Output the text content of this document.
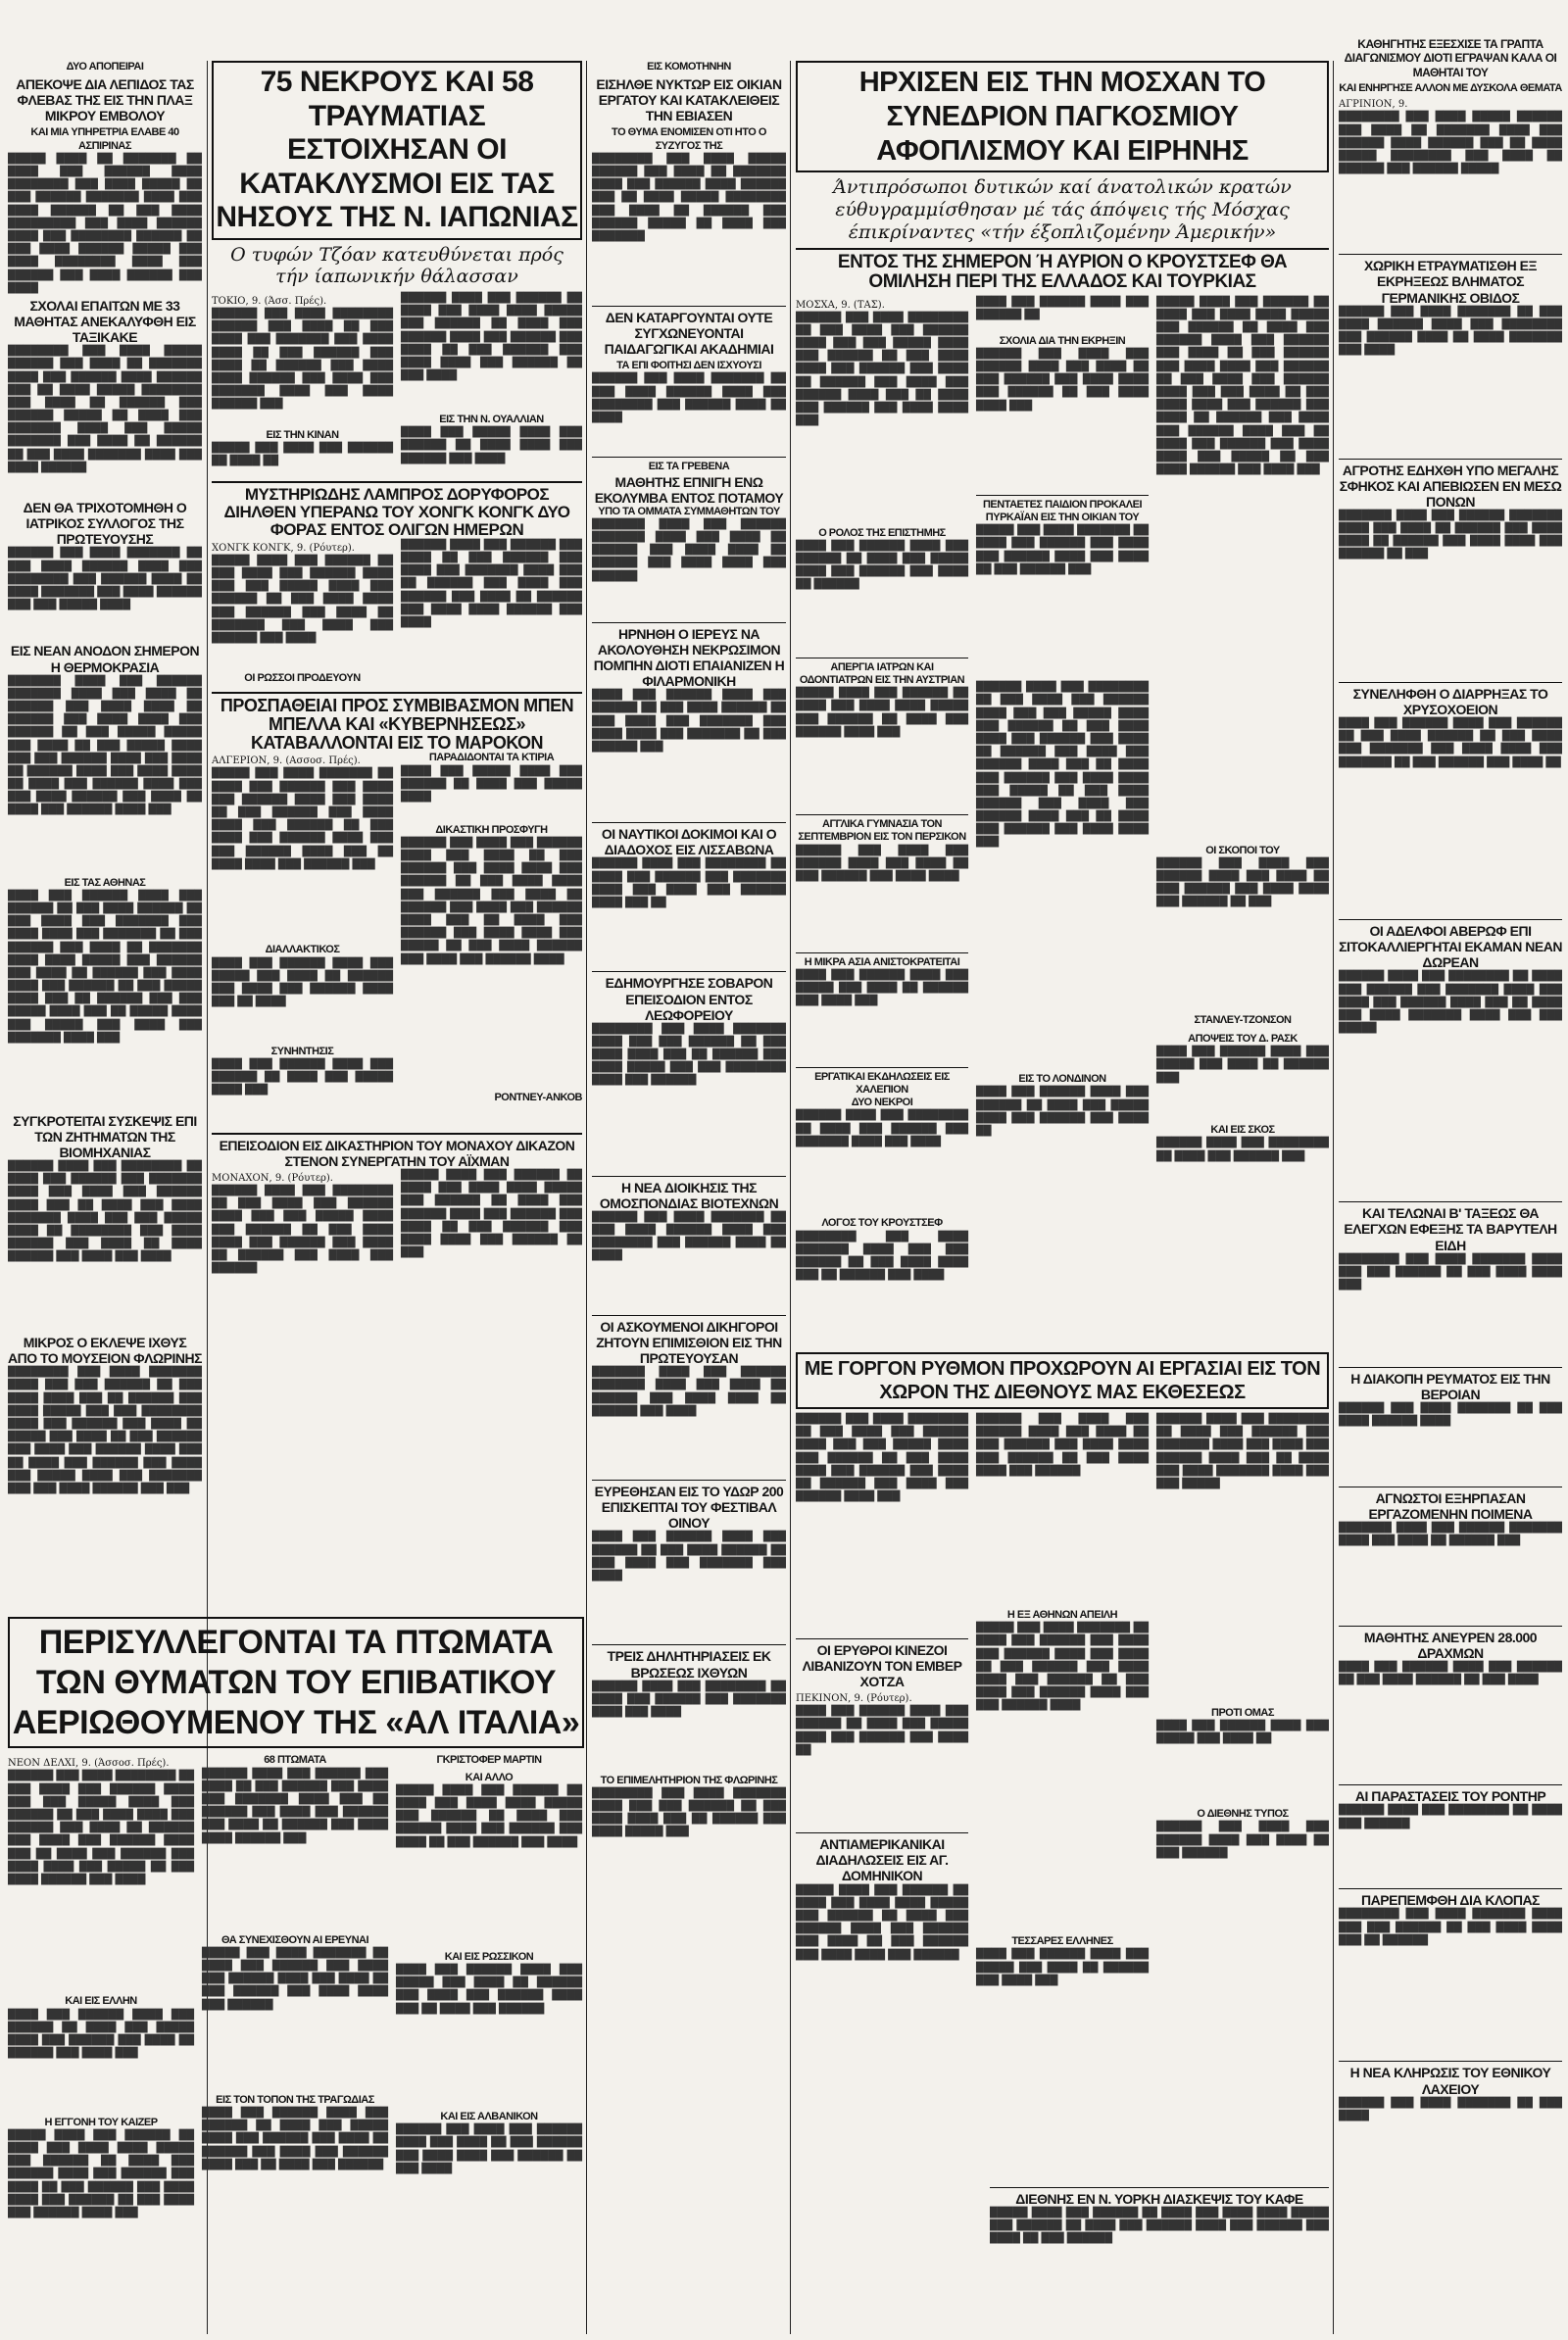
ΔΥΟ ΑΠΟΠΕΙΡΑΙ
ΑΠΕΚΟΨΕ ΔΙΑ ΛΕΠΙΔΟΣ ΤΑΣ ΦΛΕΒΑΣ ΤΗΣ ΕΙΣ ΤΗΝ ΠΛΑΞ ΜΙΚΡΟΥ ΕΜΒΟΛΟΥ
ΚΑΙ ΜΙΑ ΥΠΗΡΕΤΡΙΑ ΕΛΑΒΕ 40 ΑΣΠΙΡΙΝΑΣ

█████ ████ ██ ███████ ██ ████ ███ ██████ ████ ████████ ███ ████ █████ ██ ███ ██████ ███████ ████ ███ ████ ██████ ██ ███ ████ █████████ ███ ████ ██████ ████ ███ ████████ ██████ ██ ███ ████ ██████ █████ ███ ████ ████████ ████ ███ ██████ ███ ████ ██████ ███ ████

ΣΧΟΛΑΙ ΕΠΑΙΤΩΝ ΜΕ 33 ΜΑΘΗΤΑΣ ΑΝΕΚΑΛΥΦΘΗ ΕΙΣ ΤΑΞΙΚΑΚΕ

████████ ███ ████ █████ ██████ ███ ████ ██ ███████ ████ ███ ██████ ████ ██████ ███ ██ ████ █████ ████████ ███ ████ ██ ██████ ███ ██████ █████ ██ ████ ███ ███████ ████ ███ █████ ███████ ███ ████ ██ ██████ ██ ███ ████ ███████ ████ ███ ████ ██████

ΔΕΝ ΘΑ ΤΡΙΧΟΤΟΜΗΘΗ Ο ΙΑΤΡΙΚΟΣ ΣΥΛΛΟΓΟΣ ΤΗΣ ΠΡΩΤΕΥΟΥΣΗΣ

██████ ███ ████ ███████ ██ ███ ████ ██████ ████ ███ ████████ ███ ██████ ████ ██ ████ ███████ ███ ████ ██████ ███ ███ █████ ████

ΕΙΣ ΝΕΑΝ ΑΝΟΔΟΝ ΣΗΜΕΡΟΝ Η ΘΕΡΜΟΚΡΑΣΙΑ

███████ ████ ███ ██████ ███████ ████ ███ ████ ██ ██████ ███ ████ ████ ██ ██████ ███ ████ ████ ███ ██████ ██ ███ █████ █████ ███ ████ ██ ███ █████ ████ ███ ███ ██████ ████ ███ ████ ██ ██████ ████ ███ ████ ████ ██ ████ ███ ██████ ████ ███ ███ ████ ██████ ███ ████ ██ ████ ███ ██████ ████ ███

ΕΙΣ ΤΑΣ ΑΘΗΝΑΣ

████ ███ ██████ ████ ███ ██████ ██ ███ ████ ██████ ██ ███ ████ ███ ███████ ███ ████ ████ ███ ███████ ██ ███ ██████ ███ ████ ██ ███████ ████ ████ █████ ███ ██████ ███ ████ ██ ██████ ███ ████ ████ ███ ██████ ██ ███ █████ ████ ███ ██ ██████ ███ ███ █████ ████ ███ ██ █████ ████ ███ █████ ███ ████ ███ ███████ ████ ███

ΣΥΓΚΡΟΤΕΙΤΑΙ ΣΥΣΚΕΨΙΣ ΕΠΙ ΤΩΝ ΖΗΤΗΜΑΤΩΝ ΤΗΣ ΒΙΟΜΗΧΑΝΙΑΣ

██████ ████ ███ ████████ ██ ████ ███ ██████ ███ ███████ ████ ███ ████ ███ ██████ ████ ███ ██ ████ ███ ████ ███████ ████ ███ ███ █████ ████ ██ ████████ ███ ████ ██████ ███ ████ ██ ████ ██████ ███ ████ ███ ████

ΜΙΚΡΟΣ Ο ΕΚΛΕΨΕ ΙΧΘΥΣ ΑΠΟ ΤΟ ΜΟΥΣΕΙΟΝ ΦΛΩΡΙΝΗΣ

████████ ███ ████ ███████ ████ ███ ███ ██████ ██ ███ ████ ████ ███ ██ ██████ ███ ████ █████ ███ ███ ████████ ████ ███ ██████ ███ ████ ██ █████ ███ ████ ██ ███ ██████ ███ ████ ███ ██████ ████ ███ ██ ████ ███ ██████ ███ ████ ███ █████ ████ ███ ███████ ███ ███ ████ ██████ ███ ███

75 ΝΕΚΡΟΥΣ ΚΑΙ 58 ΤΡΑΥΜΑΤΙΑΣ ΕΣΤΟΙΧΗΣΑΝ ΟΙ ΚΑΤΑΚΛΥΣΜΟΙ ΕΙΣ ΤΑΣ ΝΗΣΟΥΣ ΤΗΣ Ν. ΙΑΠΩΝΙΑΣ
Ο τυφών Τζόαν κατευθύνεται πρός τήν ίαπωνικήν θάλασσαν

ΤΟΚΙΟ, 9. (Άσσ. Πρές).

██████ ███ ████ ████████ ██████ ███ ████ ██ ███ ████ ███ ███████ ███ ████ ████ ██ ███ ██████ ███ ████ ██ ██████ ███ ████ ████ ██████ ███ ████ ███ ███████ ████ ███ ████ ██████ ███

ΕΙΣ ΤΗΝ ΚΙΝΑΝ

█████ ███ ████ ███ ██████ ██ ████ ██

██████ ████ ███ ██████ ██ ████ ███ ████ ████ █████ ███ ██████ ██ ████ ███ ██████ ████ ███ ██████ ███ ████ ██ ███ ██████ ███ ████ ████ ███ ██████ ██ ███ ████

ΕΙΣ ΤΗΝ Ν. ΟΥΑΛΛΙΑΝ

████ ███ █████ ████ ███ ██████ ██ ████ ████ ███ ██████ ███ ████

ΜΥΣΤΗΡΙΩΔΗΣ ΛΑΜΠΡΟΣ ΔΟΡΥΦΟΡΟΣ ΔΙΗΛΘΕΝ ΥΠΕΡΑΝΩ ΤΟΥ ΧΟΝΓΚ ΚΟΝΓΚ ΔΥΟ ΦΟΡΑΣ ΕΝΤΟΣ ΟΛΙΓΩΝ ΗΜΕΡΩΝ

ΧΟΝΓΚ ΚΟΝΓΚ, 9. (Ρόυτερ).

█████ ████ ███ ██████ ██ ███ ████ ███ ██████ ████ ███ ███ █████ ████ ███ ██████ ██ ███ ████ ████ ███ ██████ ███ ████ ██ ███████ ███ ████ ███ ██████ ███ ████

ΟΙ ΡΩΣΣΟΙ ΠΡΟΔΕΥΟΥΝ

██████ ████ ███ ██████ ███ ████ ██ ███ ██████ ███ ████ ███ ███████ ████ ███ ██ ██████ ███ ████ ███ ██████ ███ ████ ██ ██████ ███ ████ ████ ██████ ███ ████

ΠΡΟΣΠΑΘΕΙΑΙ ΠΡΟΣ ΣΥΜΒΙΒΑΣΜΟΝ ΜΠΕΝ ΜΠΕΛΛΑ ΚΑΙ «ΚΥΒΕΡΝΗΣΕΩΣ» ΚΑΤΑΒΑΛΛΟΝΤΑΙ ΕΙΣ ΤΟ ΜΑΡΟΚΟΝ

ΑΛΓΕΡΙΟΝ, 9. (Ασσοσ. Πρές).

█████ ███ ████ ███████ ██ ████ ███ ██████ ███ ████ ███ ██████ ████ ███ ████ ██ ███ ██████ ███ ████ ████ ███ ██████ ██ ███ ████ ███ ██████ ████ ███ ███ ██████ ████ ███ ██ ████ ████ ███ ██████ ███

ΔΙΑΛΛΑΚΤΙΚΟΣ

████ ███ ██████ ████ ███ █████ ███ ████ ██ ██████ ███ ████ ███ ██████ ████ ███ ██ ████

ΣΥΝΗΝΤΗΣΙΣ

████ ███ ██████ ████ ███ ██████ ██ ████ ███ █████ ████ ███

ΠΑΡΑΔΙΔΟΝΤΑΙ ΤΑ ΚΤΙΡΙΑ

████ ███ █████ ████ ███ ██████ ██ ████ ███ █████ ████

ΔΙΚΑΣΤΙΚΗ ΠΡΟΣΦΥΓΗ

██████ ███ ████ ███ ██████ ████ ███ ████ ██ ███ ██████ ███ ████ ████ ███ ██████ ██ ███ ████ ████ ███ ██████ ███ ████ ██ ██████ ███ ████ ███ ██████ ████ ███ ██ ████ ███ ██████ ███ ████ ████ ███ █████ ██ ███ ████ ██████ ███ ████ ███ ██████ ████

ΡΟΝΤΝΕΥ-ΑΝΚΟΒ
ΕΠΕΙΣΟΔΙΟΝ ΕΙΣ ΔΙΚΑΣΤΗΡΙΟΝ ΤΟΥ ΜΟΝΑΧΟΥ ΔΙΚΑΖΟΝ ΣΤΕΝΟΝ ΣΥΝΕΡΓΑΤΗΝ ΤΟΥ ΑΪΧΜΑΝ

ΜΟΝΑΧΟΝ, 9. (Ρόυτερ).

██████ ████ ███ ████████ ██ ███ ████ ███ ██████ ████ ███ ███ █████ ████ ███ ██████ ██ ███ ████ ████ ███ ██████ ███ ████ ██ ██████ ███ ████ ███ ██████

█████ ████ ███ ██████ ██ ████ ███ ████ ████ █████ ███ ██████ ██ ████ ███ ██████ ████ ███ ██████ ███ ████ ██ ███ ██████ ███ ████ ████ ███ ██████ ██ ███

ΠΕΡΙΣΥΛΛΕΓΟΝΤΑΙ ΤΑ ΠΤΩΜΑΤΑ ΤΩΝ ΘΥΜΑΤΩΝ ΤΟΥ ΕΠΙΒΑΤΙΚΟΥ ΑΕΡΙΩΘΟΥΜΕΝΟΥ ΤΗΣ «ΑΛ ΙΤΑΛΙΑ»

ΝΕΟΝ ΔΕΛΧΙ, 9. (Άσσοσ. Πρές).

██████ ███ ████ ████████ ██ ███ ████ ███ ██████ ████ ███ ███ █████ ████ ███ ██████ ██ ███ ████ ████ ███ ██████ ███ ████ ██ ██████ ███ ████ ███ ██████ ████ ███ ██ ████ ███ ██████ ███ ████ ████ ███ █████ ██ ███ ████ ██████ ███ ████

ΚΑΙ ΕΙΣ ΕΛΛΗΝ

████ ███ ██████ ████ ███ ██████ ██ ████ ███ █████ ████ ███ ██████ ███ ████ ██ ██████ ███ ████ ███

Η ΕΓΓΟΝΗ ΤΟΥ ΚΑΙΖΕΡ

█████ ████ ███ ██████ ██ ████ ███ ████ ████ █████ ███ ██████ ██ ████ ███ ██████ ████ ███ ██████ ███ ████ ██ ███ ██████ ███ ████ ████ ███ ██████ ██ ███ ████ ███ ██████ ████ ███

68 ΠΤΩΜΑΤΑ

██████ ████ ███ ██████ ███ ████ ██ ███ ██████ ███ ████ ███ ███████ ████ ███ ██ ██████ ███ ████ ███ ██████ ███ ████ ██ ██████ ███ ████ ████ ██████ ███

ΘΑ ΣΥΝΕΧΙΣΘΟΥΝ ΑΙ ΕΡΕΥΝΑΙ

█████ ███ ████ ███████ ██ ████ ███ ██████ ███ ████ ███ ██████ ████ ███ ████ ██ ███ ██████ ███ ████ ████ ███ ██████

ΕΙΣ ΤΟΝ ΤΟΠΟΝ ΤΗΣ ΤΡΑΓΩΔΙΑΣ

████ ███ ██████ ████ ███ ██████ ██ ████ ███ █████ ████ ███ ██████ ███ ████ ██ ██████ ███ ████ ███ ██████ ████ ███ ██ ████ ███ ██████

ΓΚΡΙΣΤΟΦΕΡ ΜΑΡΤΙΝ
ΚΑΙ ΑΛΛΟ

█████ ████ ███ ██████ ██ ████ ███ ████ ████ █████ ███ ██████ ██ ████ ███ ██████ ████ ███ ██████ ███ ████ ██ ███ ██████ ███ ████

ΚΑΙ ΕΙΣ ΡΩΣΣΙΚΟΝ

████ ███ ██████ ████ ███ █████ ███ ████ ██ ██████ ███ ████ ███ ██████ ████ ███ ██ ████ ███ ██████

ΚΑΙ ΕΙΣ ΑΛΒΑΝΙΚΟΝ

██████ ███ ████ ███ ██████ ████ ███ ████ ██ ███ ██████ ███ ████ ████ ███ ██████ ██ ███ ████

ΕΙΣ ΚΟΜΟΤΗΝΗΝ
ΕΙΣΗΛΘΕ ΝΥΚΤΩΡ ΕΙΣ ΟΙΚΙΑΝ ΕΡΓΑΤΟΥ ΚΑΙ ΚΑΤΑΚΛΕΙΘΕΙΣ ΤΗΝ ΕΒΙΑΣΕΝ
ΤΟ ΘΥΜΑ ΕΝΟΜΙΣΕΝ ΟΤΙ ΗΤΟ Ο ΣΥΖΥΓΟΣ ΤΗΣ

████████ ███ ████ █████ ██████ ███ ████ ██ ███████ ████ ███ ██████ ████ ██████ ███ ██ ████ █████ ████████ ███ ████ ██ ██████ ███ ██████ █████ ██ ████ ███ ███████

ΔΕΝ ΚΑΤΑΡΓΟΥΝΤΑΙ ΟΥΤΕ ΣΥΓΧΩΝΕΥΟΝΤΑΙ ΠΑΙΔΑΓΩΓΙΚΑΙ ΑΚΑΔΗΜΙΑΙ
ΤΑ ΕΠΙ ΦΟΙΤΗΣΙ ΔΕΝ ΙΣΧΥΟΥΣΙ

██████ ███ ████ ███████ ██ ███ ████ ██████ ████ ███ ████████ ███ ██████ ████ ██ ████

ΕΙΣ ΤΑ ΓΡΕΒΕΝΑ
ΜΑΘΗΤΗΣ ΕΠΝΙΓΗ ΕΝΩ ΕΚΟΛΥΜΒΑ ΕΝΤΟΣ ΠΟΤΑΜΟΥ
ΥΠΟ ΤΑ ΟΜΜΑΤΑ ΣΥΜΜΑΘΗΤΩΝ ΤΟΥ

███████ ████ ███ ██████ ███████ ████ ███ ████ ██ ██████ ███ ████ ████ ██ ██████ ███ ████ ████ ███ ██████

ΗΡΝΗΘΗ Ο ΙΕΡΕΥΣ ΝΑ ΑΚΟΛΟΥΘΗΣΗ ΝΕΚΡΩΣΙΜΟΝ ΠΟΜΠΗΝ ΔΙΟΤΙ ΕΠΑΙΑΝΙΖΕΝ Η ΦΙΛΑΡΜΟΝΙΚΗ

████ ███ ██████ ████ ███ ██████ ██ ███ ████ ██████ ██ ███ ████ ███ ███████ ███ ████ ████ ███ ███████ ██ ███ ██████ ███

ΟΙ ΝΑΥΤΙΚΟΙ ΔΟΚΙΜΟΙ ΚΑΙ Ο ΔΙΑΔΟΧΟΣ ΕΙΣ ΛΙΣΣΑΒΩΝΑ

██████ ████ ███ ████████ ██ ████ ███ ██████ ███ ███████ ████ ███ ████ ███ ██████ ████ ███ ██

ΕΔΗΜΟΥΡΓΗΣΕ ΣΟΒΑΡΟΝ ΕΠΕΙΣΟΔΙΟΝ ΕΝΤΟΣ ΛΕΩΦΟΡΕΙΟΥ

████████ ███ ████ ███████ ████ ███ ███ ██████ ██ ███ ████ ████ ███ ██ ██████ ███ ████ █████ ███ ███ ████████ ████ ███ ██████

Η ΝΕΑ ΔΙΟΙΚΗΣΙΣ ΤΗΣ ΟΜΟΣΠΟΝΔΙΑΣ ΒΙΟΤΕΧΝΩΝ

██████ ███ ████ ███████ ██ ███ ████ ██████ ████ ███ ████████ ███ ██████ ████ ██ ████

ΟΙ ΑΣΚΟΥΜΕΝΟΙ ΔΙΚΗΓΟΡΟΙ ΖΗΤΟΥΝ ΕΠΙΜΙΣΘΙΟΝ ΕΙΣ ΤΗΝ ΠΡΩΤΕΥΟΥΣΑΝ

███████ ████ ███ ██████ ███████ ████ ███ ████ ██ ██████ ███ ████ ████ ██ ██████ ███ ████

ΕΥΡΕΘΗΣΑΝ ΕΙΣ ΤΟ ΥΔΩΡ 200 ΕΠΙΣΚΕΠΤΑΙ ΤΟΥ ΦΕΣΤΙΒΑΛ ΟΙΝΟΥ

████ ███ ██████ ████ ███ ██████ ██ ███ ████ ██████ ██ ███ ████ ███ ███████ ███ ████

ΤΡΕΙΣ ΔΗΛΗΤΗΡΙΑΣΕΙΣ ΕΚ ΒΡΩΣΕΩΣ ΙΧΘΥΩΝ

██████ ████ ███ ████████ ██ ████ ███ ██████ ███ ███████ ████ ███ ████

ΤΟ ΕΠΙΜΕΛΗΤΗΡΙΟΝ ΤΗΣ ΦΛΩΡΙΝΗΣ

████████ ███ ████ ███████ ████ ███ ███ ██████ ██ ███ ████ ████ ███ ██ ██████ ███ ████ █████ ███

ΗΡΧΙΣΕΝ ΕΙΣ ΤΗΝ ΜΟΣΧΑΝ ΤΟ ΣΥΝΕΔΡΙΟΝ ΠΑΓΚΟΣΜΙΟΥ ΑΦΟΠΛΙΣΜΟΥ ΚΑΙ ΕΙΡΗΝΗΣ
Άντιπρόσωποι δυτικών καί άνατολικών κρατών εύθυγραμμίσθησαν μέ τάς άπόψεις τής Μόσχας έπικρίναντες «τήν έξοπλιζομένην Άμερικήν»
ΕΝΤΟΣ ΤΗΣ ΣΗΜΕΡΟΝ Ή ΑΥΡΙΟΝ Ο ΚΡΟΥΣΤΣΕΦ ΘΑ ΟΜΙΛΗΣΗ ΠΕΡΙ ΤΗΣ ΕΛΛΑΔΟΣ ΚΑΙ ΤΟΥΡΚΙΑΣ

ΜΟΣΧΑ, 9. (ΤΑΣ).

██████ ███ ████ ████████ ██ ███ ████ ███ ██████ ████ ███ ███ █████ ████ ███ ██████ ██ ███ ████ ████ ███ ██████ ███ ████ ██ ██████ ███ ████ ███ ██████ ████ ███ ██ ████ ███ ██████ ███ ████ ████ ███

Ο ΡΟΛΟΣ ΤΗΣ ΕΠΙΣΤΗΜΗΣ

████ ███ ██████ ████ ███ ██████ ██ ████ ███ █████ ████ ███ ██████ ███ ████ ██ ██████

ΑΠΕΡΓΙΑ ΙΑΤΡΩΝ ΚΑΙ ΟΔΟΝΤΙΑΤΡΩΝ ΕΙΣ ΤΗΝ ΑΥΣΤΡΙΑΝ

█████ ████ ███ ██████ ██ ████ ███ ████ ████ █████ ███ ██████ ██ ████ ███ ██████ ████ ███

ΑΓΓΛΙΚΑ ΓΥΜΝΑΣΙΑ ΤΟΝ ΣΕΠΤΕΜΒΡΙΟΝ ΕΙΣ ΤΟΝ ΠΕΡΣΙΚΟΝ

██████ ███ ████ ███ ██████ ████ ███ ████ ██ ███ ██████ ███ ████ ████

Η ΜΙΚΡΑ ΑΣΙΑ ΑΝΙΣΤΟΚΡΑΤΕΙΤΑΙ

████ ███ ██████ ████ ███ █████ ███ ████ ██ ██████ ███ ████ ███

ΕΡΓΑΤΙΚΑΙ ΕΚΔΗΛΩΣΕΙΣ ΕΙΣ ΧΑΛΕΠΙΟΝ
ΔΥΟ ΝΕΚΡΟΙ

██████ ████ ███ ████████ ██ ████ ███ ██████ ███ ███████ ████ ███ ████

ΛΟΓΟΣ ΤΟΥ ΚΡΟΥΣΤΣΕΦ

████████ ███ ████ ███████ ████ ███ ███ ██████ ██ ███ ████ ████ ███ ██ ██████ ███ ████

████ ███ ██████ ████ ███ ██████ ██

ΣΧΟΛΙΑ ΔΙΑ ΤΗΝ ΕΚΡΗΞΙΝ

██████ ███ ████ ███ ██████ ████ ███ ████ ██ ███ ██████ ███ ████ ████ ███ ██████ ██ ███ ████ ████ ███

ΠΕΝΤΑΕΤΕΣ ΠΑΙΔΙΟΝ ΠΡΟΚΑΛΕΙ ΠΥΡΚΑΪΑΝ ΕΙΣ ΤΗΝ ΟΙΚΙΑΝ ΤΟΥ

█████ ███ ████ ███████ ██ ████ ███ ██████ ███ ████ ███ ██████ ████ ███ ████ ██ ███ ██████ ███

██████ ████ ███ ████████ ██ ███ ████ ███ ██████ ████ ███ ███ █████ ████ ███ ██████ ██ ███ ████ ████ ███ ██████ ███ ████ ██ ██████ ███ ████ ███ ██████ ████ ███ ██ ████ ███ ██████ ███ ████ ████ ███ █████ ██ ███ ████ ██████ ███ ████ ███ ██████ ████ ███ ██ ████ ███ ██████ ███ ████ ████ ███

ΕΙΣ ΤΟ ΛΟΝΔΙΝΟΝ

████ ███ ██████ ████ ███ ██████ ██ ████ ███ █████ ████ ███ ██████ ███ ████ ██

█████ ████ ███ ██████ ██ ████ ███ ████ ████ █████ ███ ██████ ██ ████ ███ ██████ ████ ███ ██████ ███ ████ ██ ███ ██████ ███ ████ ████ ███ ██████ ██ ███ ████ ███ ██████ ████ ███ ███ ████ ██ ███ ████ ████ ███ ██████ ███ ████ ██ ██████ ███ ████ ███ ██████ ████ ███ ██ ████ ███ ██████ ███ ████ ████ ███ █████ ██ ███ ████ ██████ ███ ████ ███

ΟΙ ΣΚΟΠΟΙ ΤΟΥ

██████ ███ ████ ███ ██████ ████ ███ ████ ██ ███ ██████ ███ ████ ████ ███ ██████ ██ ███

ΣΤΑΝΛΕΥ-ΤΖΟΝΣΟΝ
ΑΠΟΨΕΙΣ ΤΟΥ Δ. ΡΑΣΚ

████ ███ ██████ ████ ███ █████ ███ ████ ██ ██████ ███

ΚΑΙ ΕΙΣ ΣΚΟΣ

██████ ████ ███ ████████ ██ ████ ███ ██████ ███

ΜΕ ΓΟΡΓΟΝ ΡΥΘΜΟΝ ΠΡΟΧΩΡΟΥΝ ΑΙ ΕΡΓΑΣΙΑΙ ΕΙΣ ΤΟΝ ΧΩΡΟΝ ΤΗΣ ΔΙΕΘΝΟΥΣ ΜΑΣ ΕΚΘΕΣΕΩΣ

██████ ███ ████ ████████ ██ ███ ████ ███ ██████ ████ ███ ███ █████ ████ ███ ██████ ██ ███ ████ ████ ███ ██████ ███ ████ ██ ██████ ███ ████ ███ ██████ ████ ███

ΟΙ ΕΡΥΘΡΟΙ ΚΙΝΕΖΟΙ ΛΙΒΑΝΙΖΟΥΝ ΤΟΝ ΕΜΒΕΡ ΧΟΤΖΑ

ΠΕΚΙΝΟΝ, 9. (Ρόυτερ).

████ ███ ██████ ████ ███ ██████ ██ ████ ███ █████ ████ ███ ██████ ███ ████ ██

ΑΝΤΙΑΜΕΡΙΚΑΝΙΚΑΙ ΔΙΑΔΗΛΩΣΕΙΣ ΕΙΣ ΑΓ. ΔΟΜΗΝΙΚΟΝ

█████ ████ ███ ██████ ██ ████ ███ ████ ████ █████ ███ ██████ ██ ████ ███ ██████ ████ ███ ██████ ███ ████ ██ ███ ██████ ███ ████ ████ ███ ██████

██████ ███ ████ ███ ██████ ████ ███ ████ ██ ███ ██████ ███ ████ ████ ███ ██████ ██ ███ ████ ████ ███ ██████

Η ΕΞ ΑΘΗΝΩΝ ΑΠΕΙΛΗ

█████ ███ ████ ███████ ██ ████ ███ ██████ ███ ████ ███ ██████ ████ ███ ████ ██ ███ ██████ ███ ████ ████ ███ ██████ ██ ███ ████ ███ ██████ ████ ███ ███ ██████ ████

ΤΕΣΣΑΡΕΣ ΕΛΛΗΝΕΣ

████ ███ ██████ ████ ███ █████ ███ ████ ██ ██████ ███ ████ ███

██████ ████ ███ ████████ ██ ████ ███ ██████ ███ ███████ ████ ███ ████ ███ ██████ ████ ███ ██ ████ ███ ████ ███████ ████ ███ ███ █████

ΠΡΟΤΙ ΟΜΑΣ

████ ███ ██████ ████ ███ █████ ███ ████ ██

Ο ΔΙΕΘΝΗΣ ΤΥΠΟΣ

██████ ███ ████ ███ ██████ ████ ███ ████ ██ ███ ██████

ΔΙΕΘΝΗΣ ΕΝ Ν. ΥΟΡΚΗ ΔΙΑΣΚΕΨΙΣ ΤΟΥ ΚΑΦΕ

█████ ████ ███ ██████ ██ ████ ███ ████ ████ █████ ███ ██████ ██ ████ ███ ██████ ████ ███ ██████ ███ ████ ██ ███ ██████

ΚΑΘΗΓΗΤΗΣ ΕΞΕΣΧΙΣΕ ΤΑ ΓΡΑΠΤΑ ΔΙΑΓΩΝΙΣΜΟΥ ΔΙΟΤΙ ΕΓΡΑΨΑΝ ΚΑΛΑ ΟΙ ΜΑΘΗΤΑΙ ΤΟΥ
ΚΑΙ ΕΝΗΡΓΗΣΕ ΑΛΛΟΝ ΜΕ ΔΥΣΚΟΛΑ ΘΕΜΑΤΑ

ΑΓΡΙΝΙΟΝ, 9.

████████ ███ ████ █████ ██████ ███ ████ ██ ███████ ████ ███ ██████ ████ ██████ ███ ██ ████ █████ ████████ ███ ████ ██ ██████ ███ ██████ █████

ΧΩΡΙΚΗ ΕΤΡΑΥΜΑΤΙΣΘΗ ΕΞ ΕΚΡΗΞΕΩΣ ΒΛΗΜΑΤΟΣ ΓΕΡΜΑΝΙΚΗΣ ΟΒΙΔΟΣ

██████ ███ ████ ███████ ██ ███ ████ ██████ ████ ███ ████████ ███ ██████ ████ ██ ████ ███████ ███ ████

ΑΓΡΟΤΗΣ ΕΔΗΧΘΗ ΥΠΟ ΜΕΓΑΛΗΣ ΣΦΗΚΟΣ ΚΑΙ ΑΠΕΒΙΩΣΕΝ ΕΝ ΜΕΣΩ ΠΟΝΩΝ

███████ ████ ███ ██████ ███████ ████ ███ ████ ██ ██████ ███ ████ ████ ██ ██████ ███ ████ ████ ███ ██████ ██ ███

ΣΥΝΕΛΗΦΘΗ Ο ΔΙΑΡΡΗΞΑΣ ΤΟ ΧΡΥΣΟΧΟΕΙΟΝ

████ ███ ██████ ████ ███ ██████ ██ ███ ████ ██████ ██ ███ ████ ███ ███████ ███ ████ ████ ███ ███████ ██ ███ ██████ ███ ████ ██

ΟΙ ΑΔΕΛΦΟΙ ΑΒΕΡΩΦ ΕΠΙ ΣΙΤΟΚΑΛΛΙΕΡΓΗΤΑΙ ΕΚΑΜΑΝ ΝΕΑΝ ΔΩΡΕΑΝ

██████ ████ ███ ████████ ██ ████ ███ ██████ ███ ███████ ████ ███ ████ ███ ██████ ████ ███ ██ ████ ███ ████ ███████ ████ ███ ███ █████

ΚΑΙ ΤΕΛΩΝΑΙ Β' ΤΑΞΕΩΣ ΘΑ ΕΛΕΓΧΩΝ ΕΦΕΞΗΣ ΤΑ ΒΑΡΥΤΕΛΗ ΕΙΔΗ

████████ ███ ████ ███████ ████ ███ ███ ██████ ██ ███ ████ ████ ███

Η ΔΙΑΚΟΠΗ ΡΕΥΜΑΤΟΣ ΕΙΣ ΤΗΝ ΒΕΡΟΙΑΝ

██████ ███ ████ ███████ ██ ███ ████ ██████ ████

ΑΓΝΩΣΤΟΙ ΕΞΗΡΠΑΣΑΝ ΕΡΓΑΖΟΜΕΝΗΝ ΠΟΙΜΕΝΑ

███████ ████ ███ ██████ ███████ ████ ███ ████ ██ ██████ ███

ΜΑΘΗΤΗΣ ΑΝΕΥΡΕΝ 28.000 ΔΡΑΧΜΩΝ

████ ███ ██████ ████ ███ ██████ ██ ███ ████ ██████ ██ ███ ████

ΑΙ ΠΑΡΑΣΤΑΣΕΙΣ ΤΟΥ ΡΟΝΤΗΡ

██████ ████ ███ ████████ ██ ████ ███ ██████

ΠΑΡΕΠΕΜΦΘΗ ΔΙΑ ΚΛΟΠΑΣ

████████ ███ ████ ███████ ████ ███ ███ ██████ ██ ███ ████ ████ ███ ██ ██████

Η ΝΕΑ ΚΛΗΡΩΣΙΣ ΤΟΥ ΕΘΝΙΚΟΥ ΛΑΧΕΙΟΥ

██████ ███ ████ ███████ ██ ███ ████
